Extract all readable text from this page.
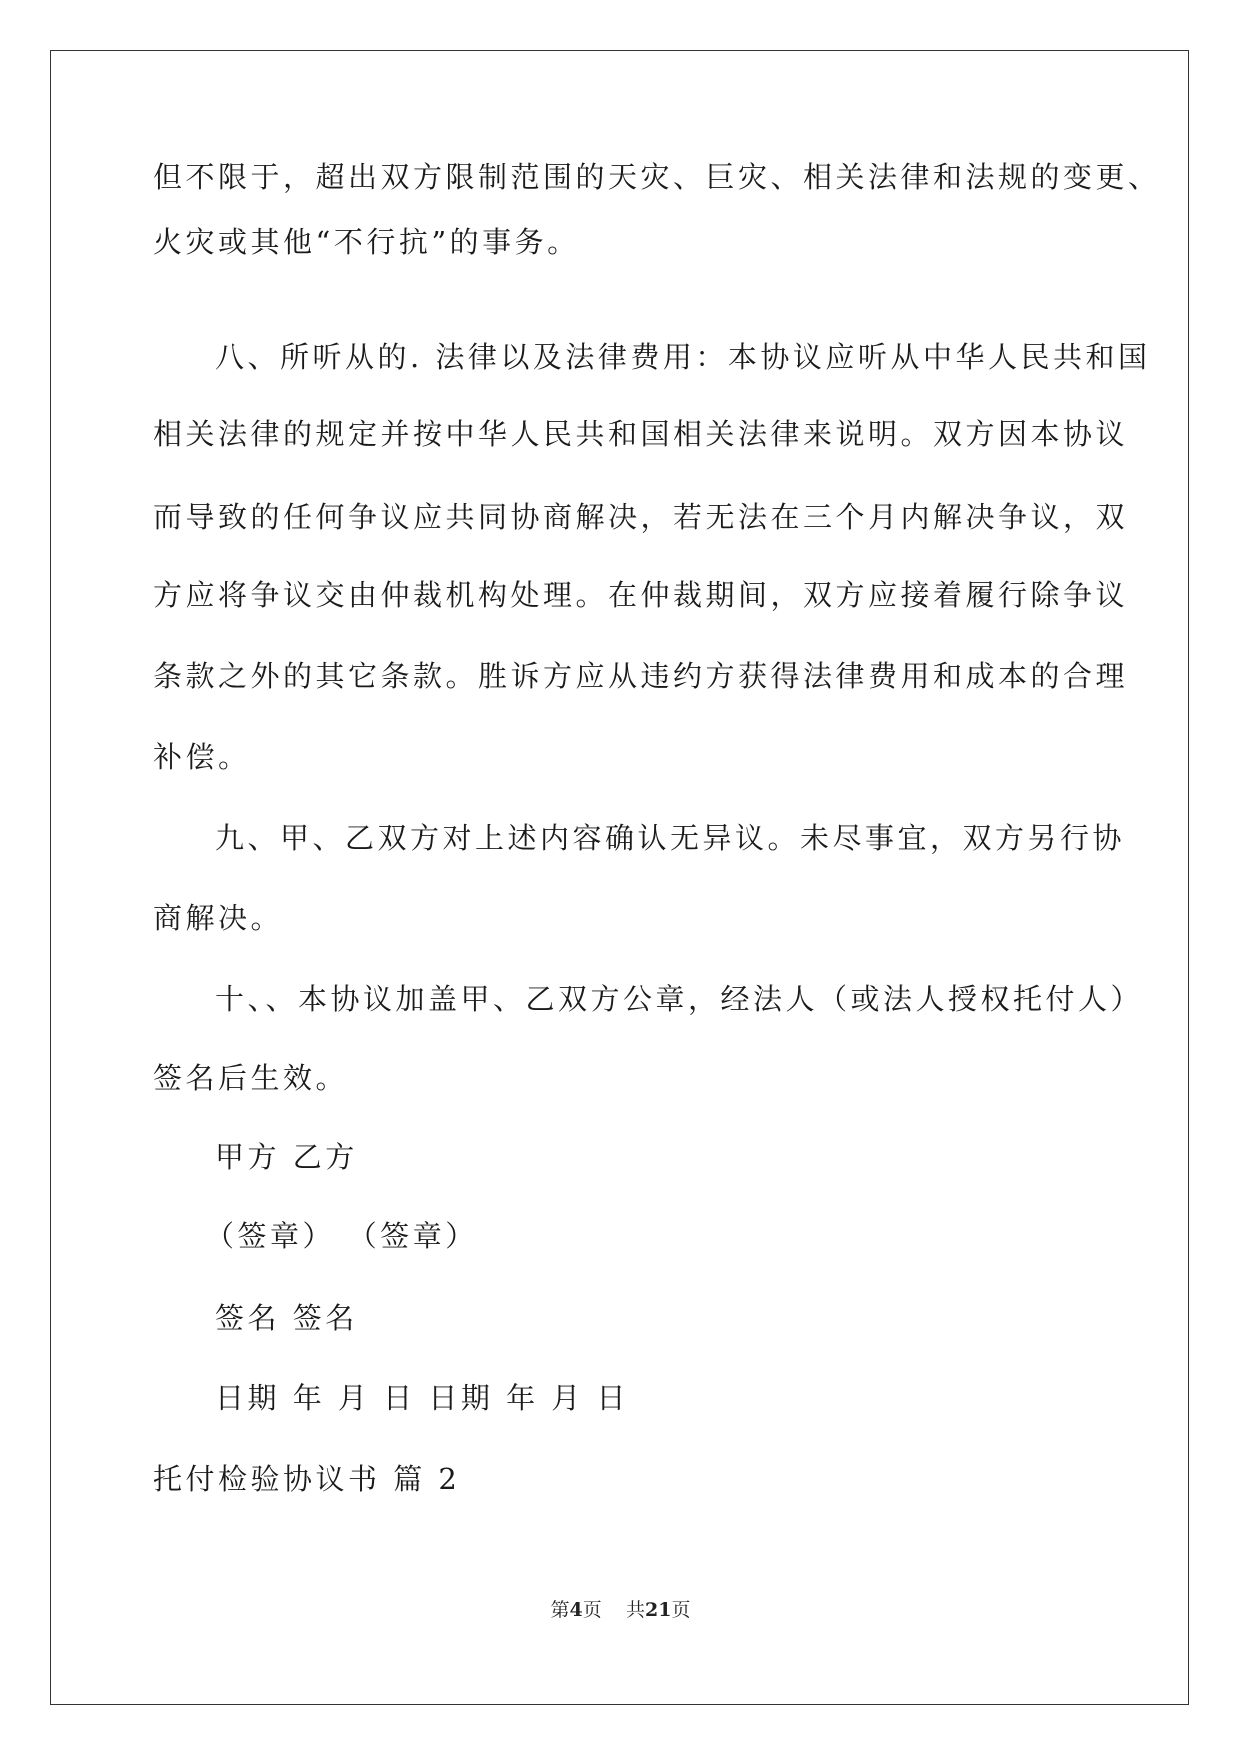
但不限于，超出双方限制范围的天灾、巨灾、相关法律和法规的变更、

火灾或其他“不行抗”的事务。

八、所听从的. 法律以及法律费用：本协议应听从中华人民共和国

相关法律的规定并按中华人民共和国相关法律来说明。双方因本协议

而导致的任何争议应共同协商解决，若无法在三个月内解决争议，双

方应将争议交由仲裁机构处理。在仲裁期间，双方应接着履行除争议

条款之外的其它条款。胜诉方应从违约方获得法律费用和成本的合理

补偿。

九、甲、乙双方对上述内容确认无异议。未尽事宜，双方另行协

商解决。

十、、本协议加盖甲、乙双方公章，经法人（或法人授权托付人）

签名后生效。

甲方 乙方

（签章） （签章）

签名 签名

日期 年 月 日 日期 年 月 日

托付检验协议书 篇 2

第4页 共21页
